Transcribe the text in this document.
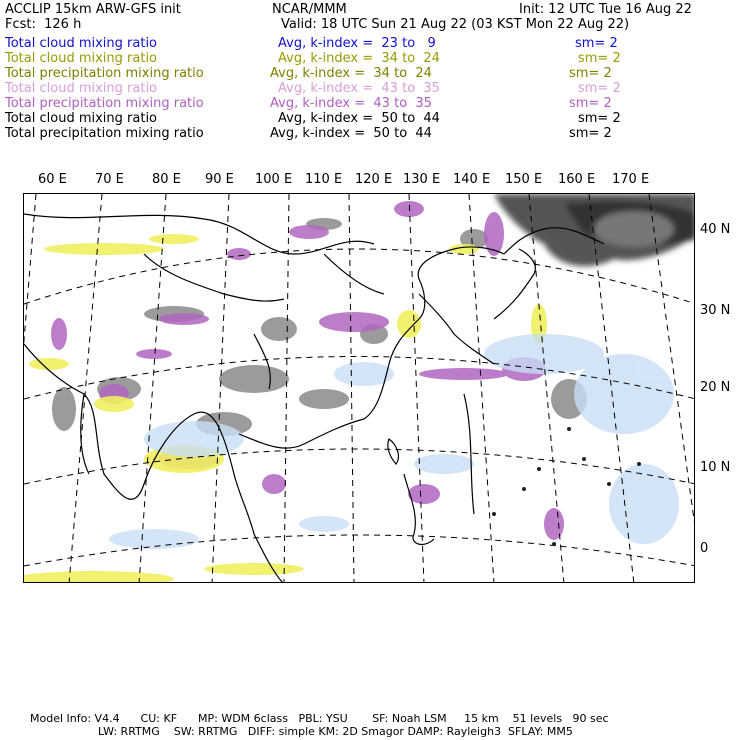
ACCLIP 15km ARW-GFS init	NCAR/MMM	Init: 12 UTC Tue 16 Aug 22
Fcst:  126 h	Valid: 18 UTC Sun 21 Aug 22 (03 KST Mon 22 Aug 22)
Total cloud mixing ratio	Avg, k-index =  23 to   9	sm= 2
Total cloud mixing ratio	Avg, k-index =  34 to  24	sm= 2
Total precipitation mixing ratio	Avg, k-index =  34 to  24	sm= 2
Total cloud mixing ratio	Avg, k-index =  43 to  35	sm= 2
Total precipitation mixing ratio	Avg, k-index =  43 to  35	sm= 2
Total cloud mixing ratio	Avg, k-index =  50 to  44	sm= 2
Total precipitation mixing ratio	Avg, k-index =  50 to  44	sm= 2
60 E 70 E 80 E 90 E 100 E 110 E 120 E 130 E 140 E 150 E 160 E 170 E
40 N
30 N
20 N
10 N
0
Model Info: V4.4      CU: KF      MP: WDM 6class   PBL: YSU       SF: Noah LSM     15 km    51 levels   90 sec
LW: RRTMG    SW: RRTMG   DIFF: simple KM: 2D Smagor DAMP: Rayleigh3  SFLAY: MM5
